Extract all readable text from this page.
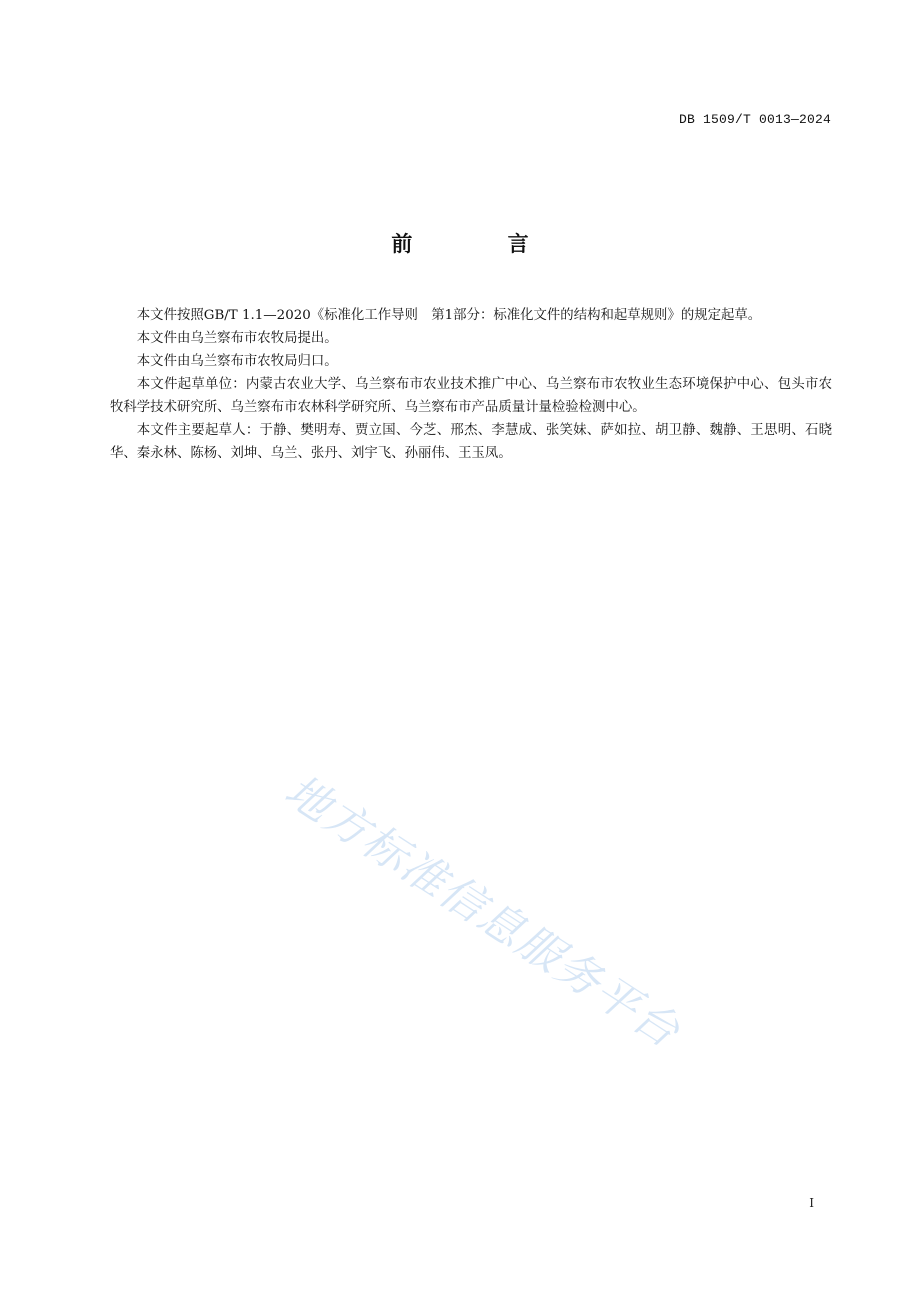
DB 1509/T 0013—2024
前 言

本文件按照GB/T 1.1—2020《标准化工作导则　第1部分：标准化文件的结构和起草规则》的规定起草。

本文件由乌兰察布市农牧局提出。

本文件由乌兰察布市农牧局归口。

本文件起草单位：内蒙古农业大学、乌兰察布市农业技术推广中心、乌兰察布市农牧业生态环境保护中心、包头市农牧科学技术研究所、乌兰察布市农林科学研究所、乌兰察布市产品质量计量检验检测中心。

本文件主要起草人：于静、樊明寿、贾立国、今芝、邢杰、李慧成、张笑妹、萨如拉、胡卫静、魏静、王思明、石晓华、秦永林、陈杨、刘坤、乌兰、张丹、刘宇飞、孙丽伟、王玉凤。

地方标准信息服务平台
I
